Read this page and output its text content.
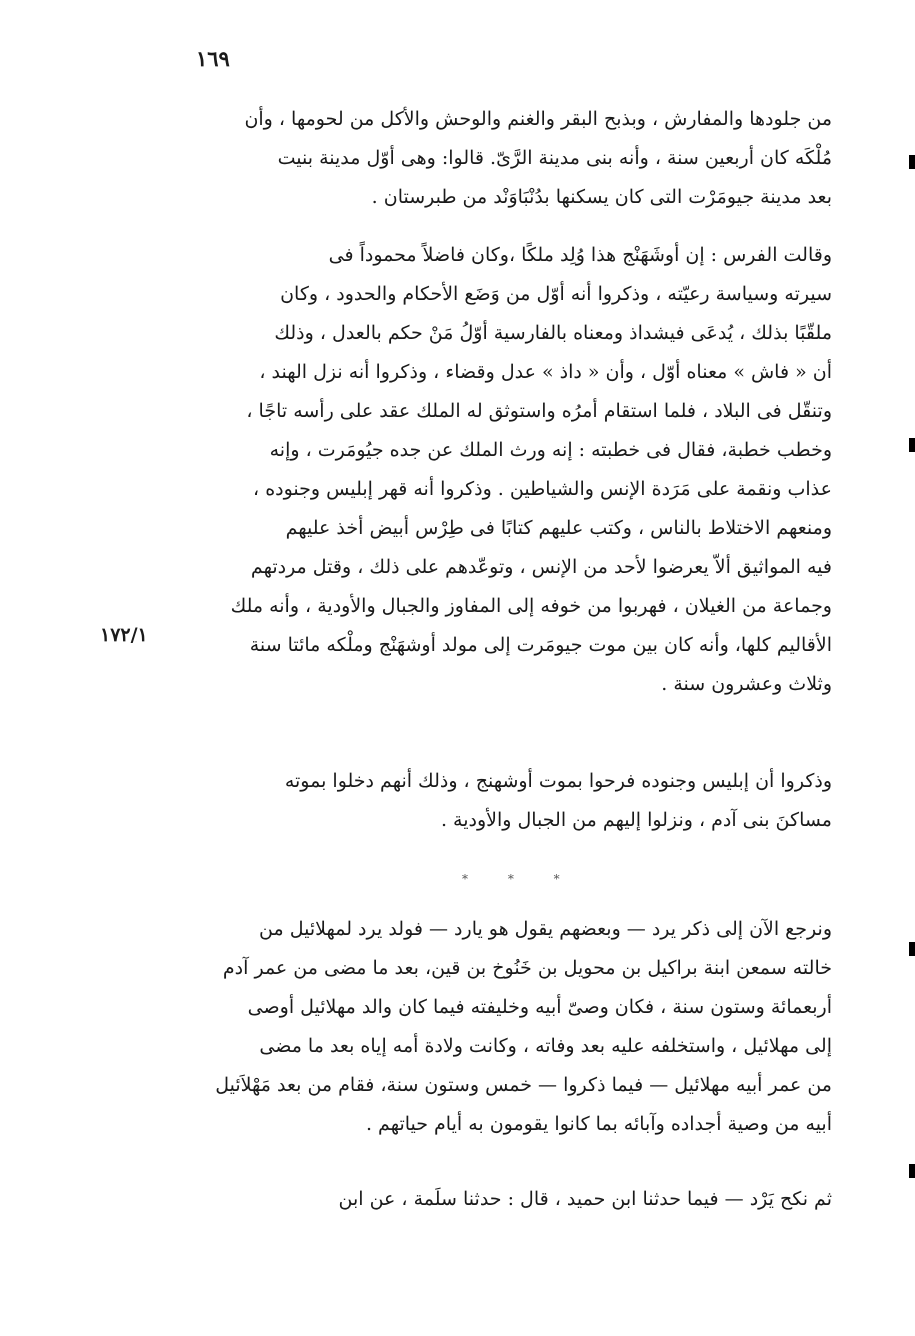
١٦٩
١٧٢/١
من جلودها والمفارش ، وبذبح البقر والغنم والوحش والأكل من لحومها ، وأن
مُلْكَه كان أربعين سنة ، وأنه بنى مدينة الرَّىّ. قالوا: وهى أوّل مدينة بنيت
بعد مدينة جيومَرْت التى كان يسكنها بدُنْبَاوَنْد من طبرستان .
وقالت الفرس : إن أوشَهَنْج هذا وُلِد ملكًا ،وكان فاضلاً محموداً فى
سيرته وسياسة رعيّته ، وذكروا أنه أوّل من وَضَع الأحكام والحدود ، وكان
ملقّبًا بذلك ، يُدعَى فيشداذ ومعناه بالفارسية أوّلُ مَنْ حكم بالعدل ، وذلك
أن « فاش » معناه أوّل ، وأن « داذ » عدل وقضاء ، وذكروا أنه نزل الهند ،
وتنقّل فى البلاد ، فلما استقام أمرُه واستوثق له الملك عقد على رأسه تاجًا ،
وخطب خطبة، فقال فى خطبته : إنه ورث الملك عن جده جيُومَرت ، وإنه
عذاب ونقمة على مَرَدة الإنس والشياطين . وذكروا أنه قهر إبليس وجنوده ،
ومنعهم الاختلاط بالناس ، وكتب عليهم كتابًا فى طِرْس أبيض أخذ عليهم
فيه المواثيق ألاّ يعرضوا لأحد من الإنس ، وتوعّدهم على ذلك ، وقتل مردتهم
وجماعة من الغيلان ، فهربوا من خوفه إلى المفاوز والجبال والأودية ، وأنه ملك
الأقاليم كلها، وأنه كان بين موت جيومَرت إلى مولد أوشهَنْج وملْكه مائتا سنة
وثلاث وعشرون سنة .
وذكروا أن إبليس وجنوده فرحوا بموت أوشهنج ، وذلك أنهم دخلوا بموته
مساكنَ بنى آدم ، ونزلوا إليهم من الجبال والأودية .
* * *
ونرجع الآن إلى ذكر يرد — وبعضهم يقول هو يارد — فولد يرد لمهلائيل من
خالته سمعن ابنة براكيل بن محويل بن خَنُوخ بن قين، بعد ما مضى من عمر آدم
أربعمائة وستون سنة ، فكان وصىّ أبيه وخليفته فيما كان والد مهلائيل أوصى
إلى مهلائيل ، واستخلفه عليه بعد وفاته ، وكانت ولادة أمه إياه بعد ما مضى
من عمر أبيه مهلائيل — فيما ذكروا — خمس وستون سنة، فقام من بعد مَهْلاَئيل
أبيه من وصية أجداده وآبائه بما كانوا يقومون به أيام حياتهم .
ثم نكح يَرْد — فيما حدثنا ابن حميد ، قال : حدثنا سلَمة ، عن ابن
